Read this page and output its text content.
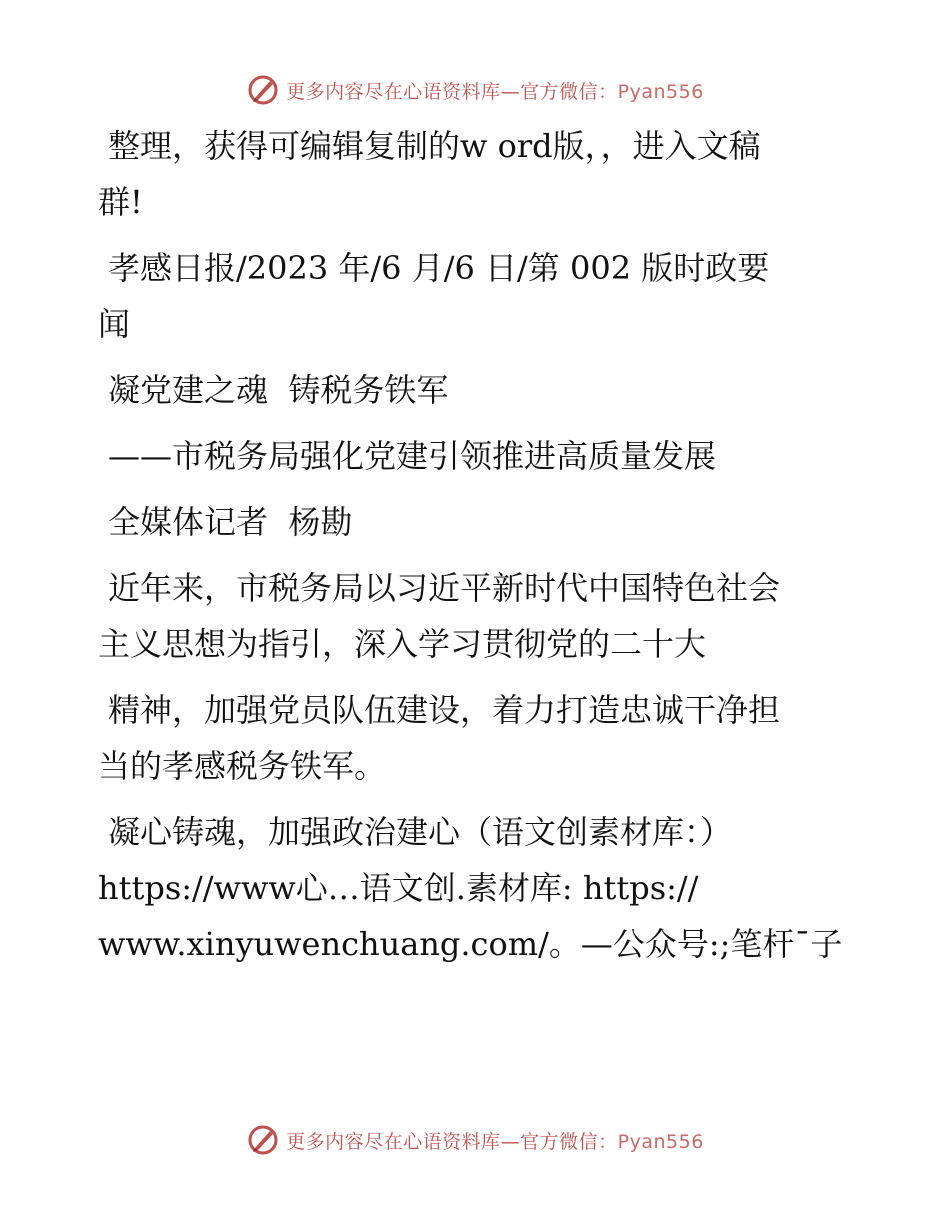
更多内容尽在心语资料库—官方微信：Pyan556

整理，获得可编辑复制的w ord版，，进入文稿
群!

孝感日报/2023 年/6 月/6 日/第 002 版时政要
闻

凝党建之魂  铸税务铁军

——市税务局强化党建引领推进高质量发展

全媒体记者  杨勘

近年来，市税务局以习近平新时代中国特色社会
主义思想为指引，深入学习贯彻党的二十大

精神，加强党员队伍建设，着力打造忠诚干净担
当的孝感税务铁军。

凝心铸魂，加强政治建心（语文创素材库：）
https://www心…语文创.素材库: https://
www.xinyuwenchuang.com/。—公众号:;笔杆¯子

更多内容尽在心语资料库—官方微信：Pyan556
